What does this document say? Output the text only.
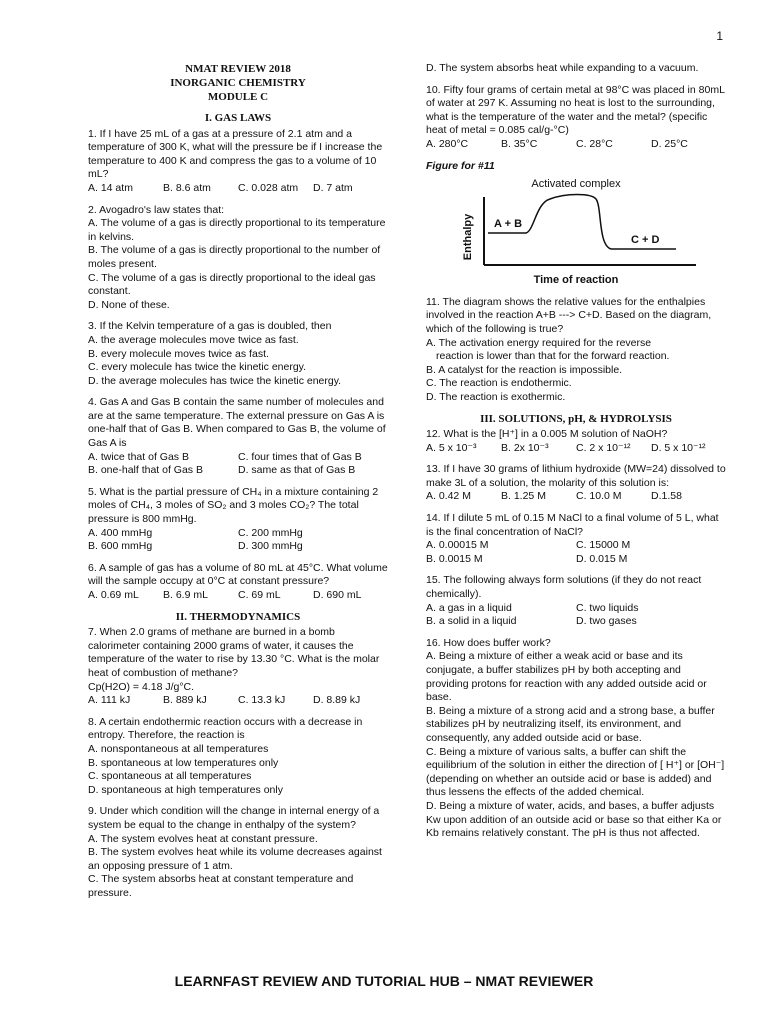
1
NMAT REVIEW 2018
INORGANIC CHEMISTRY
MODULE C
I. GAS LAWS

1. If I have 25 mL of a gas at a pressure of 2.1 atm and a temperature of 300 K, what will the pressure be if I increase the temperature to 400 K and compress the gas to a volume of 10 mL?

A. 14 atm	B. 8.6 atm	C. 0.028 atm	D. 7 atm

2. Avogadro's law states that:

A. The volume of a gas is directly proportional to its temperature in kelvins.

B. The volume of a gas is directly proportional to the number of moles present.

C. The volume of a gas is directly proportional to the ideal gas constant.

D. None of these.

3. If the Kelvin temperature of a gas is doubled, then

A. the average molecules move twice as fast.

B. every molecule moves twice as fast.

C. every molecule has twice the kinetic energy.

D. the average molecules has twice the kinetic energy.

4. Gas A and Gas B contain the same number of molecules and are at the same temperature. The external pressure on Gas A is one-half that of Gas B. When compared to Gas B, the volume of Gas A is

A. twice that of Gas B	C. four times that of Gas B
B. one-half that of Gas B	D. same as that of Gas B

5. What is the partial pressure of CH₄ in a mixture containing 2 moles of CH₄, 3 moles of SO₂ and 3 moles CO₂? The total pressure is 800 mmHg.

A. 400 mmHg	C. 200 mmHg
B. 600 mmHg	D. 300 mmHg

6. A sample of gas has a volume of 80 mL at 45°C. What volume will the sample occupy at 0°C at constant pressure?

A. 0.69 mL	B. 6.9 mL	C. 69 mL	D. 690 mL
II. THERMODYNAMICS

7. When 2.0 grams of methane are burned in a bomb calorimeter containing 2000 grams of water, it causes the temperature of the water to rise by 13.30 °C. What is the molar heat of combustion of methane?

Cp(H2O) = 4.18 J/g°C.

A. 111 kJ	B. 889 kJ	C. 13.3 kJ	D. 8.89 kJ

8. A certain endothermic reaction occurs with a decrease in entropy. Therefore, the reaction is

A. nonspontaneous at all temperatures

B. spontaneous at low temperatures only

C. spontaneous at all temperatures

D. spontaneous at high temperatures only

9. Under which condition will the change in internal energy of a system be equal to the change in enthalpy of the system?

A. The system evolves heat at constant pressure.

B. The system evolves heat while its volume decreases against an opposing pressure of 1 atm.

C. The system absorbs heat at constant temperature and pressure.

D. The system absorbs heat while expanding to a vacuum.

10. Fifty four grams of certain metal at 98°C was placed in 80mL of water at 297 K. Assuming no heat is lost to the surrounding, what is the temperature of the water and the metal? (specific heat of metal = 0.085 cal/g-°C)

A. 280°C	B. 35°C	C. 28°C	D. 25°C
Figure for #11
Activated complex
Enthalpy A + B
C + D
Time of reaction

11. The diagram shows the relative values for the enthalpies involved in the reaction A+B ---> C+D. Based on the diagram, which of the following is true?

A. The activation energy required for the reverse

reaction is lower than that for the forward reaction.

B. A catalyst for the reaction is impossible.

C. The reaction is endothermic.

D. The reaction is exothermic.

III. SOLUTIONS, pH, & HYDROLYSIS

12. What is the [H⁺] in a 0.005 M solution of NaOH?

A. 5 x 10⁻³	B. 2x 10⁻³	C. 2 x 10⁻¹²	D. 5 x 10⁻¹²

13. If I have 30 grams of lithium hydroxide (MW=24) dissolved to make 3L of a solution, the molarity of this solution is:

A. 0.42 M	B. 1.25 M	C. 10.0 M	D.1.58

14. If I dilute 5 mL of 0.15 M NaCl to a final volume of 5 L, what is the final concentration of NaCl?

A. 0.00015 M	C. 15000 M
B. 0.0015 M	D. 0.015 M

15. The following always form solutions (if they do not react chemically).

A. a gas in a liquid	C. two liquids
B. a solid in a liquid	D. two gases

16. How does buffer work?

A. Being a mixture of either a weak acid or base and its conjugate, a buffer stabilizes pH by both accepting and providing protons for reaction with any added outside acid or base.

B. Being a mixture of a strong acid and a strong base, a buffer stabilizes pH by neutralizing itself, its environment, and consequently, any added outside acid or base.

C. Being a mixture of various salts, a buffer can shift the equilibrium of the solution in either the direction of [ H⁺] or [OH⁻] (depending on whether an outside acid or base is added) and thus lessens the effects of the added chemical.

D. Being a mixture of water, acids, and bases, a buffer adjusts Kw upon addition of an outside acid or base so that either Ka or Kb remains relatively constant. The pH is thus not affected.

LEARNFAST REVIEW AND TUTORIAL HUB – NMAT REVIEWER
